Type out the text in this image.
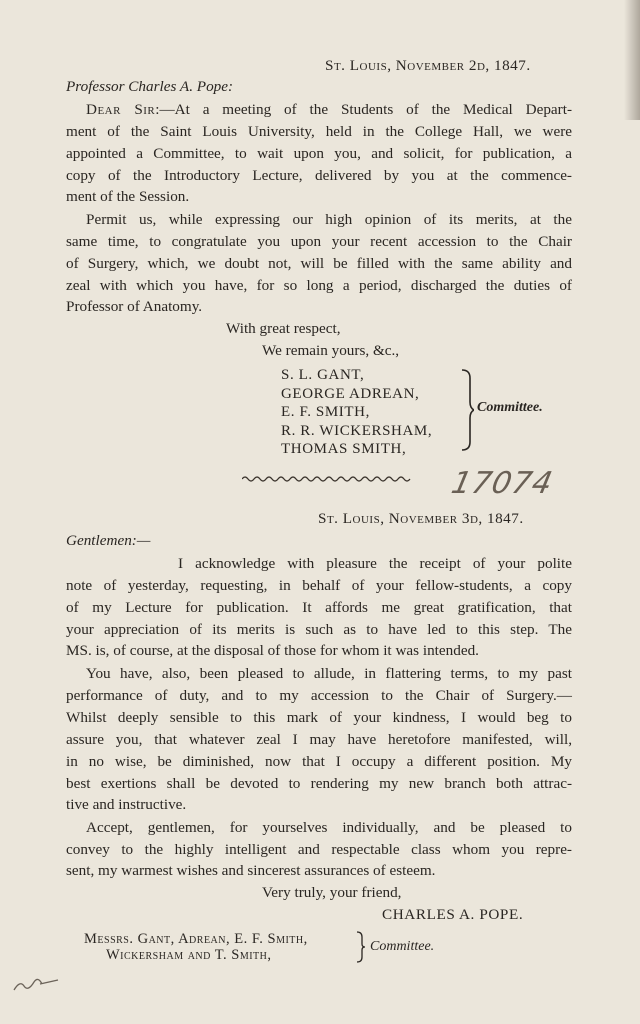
St. Louis, November 2d, 1847.
Professor Charles A. Pope:
Dear Sir:—At a meeting of the Students of the Medical Depart-
ment of the Saint Louis University, held in the College Hall, we were
appointed a Committee, to wait upon you, and solicit, for publication, a
copy of the Introductory Lecture, delivered by you at the commence-
ment of the Session.
Permit us, while expressing our high opinion of its merits, at the
same time, to congratulate you upon your recent accession to the Chair
of Surgery, which, we doubt not, will be filled with the same ability and
zeal with which you have, for so long a period, discharged the duties of
Professor of Anatomy.
With great respect,
We remain yours, &c.,
S. L. GANT,
GEORGE ADREAN,
E. F. SMITH,
R. R. WICKERSHAM,
THOMAS SMITH,
Committee.
17074
St. Louis, November 3d, 1847.
Gentlemen:—
I acknowledge with pleasure the receipt of your polite
note of yesterday, requesting, in behalf of your fellow-students, a copy
of my Lecture for publication. It affords me great gratification, that
your appreciation of its merits is such as to have led to this step. The
MS. is, of course, at the disposal of those for whom it was intended.
You have, also, been pleased to allude, in flattering terms, to my past
performance of duty, and to my accession to the Chair of Surgery.—
Whilst deeply sensible to this mark of your kindness, I would beg to
assure you, that whatever zeal I may have heretofore manifested, will,
in no wise, be diminished, now that I occupy a different position. My
best exertions shall be devoted to rendering my new branch both attrac-
tive and instructive.
Accept, gentlemen, for yourselves individually, and be pleased to
convey to the highly intelligent and respectable class whom you repre-
sent, my warmest wishes and sincerest assurances of esteem.
Very truly, your friend,
CHARLES A. POPE.
Messrs. Gant, Adrean, E. F. Smith,
Wickersham and T. Smith,
Committee.
